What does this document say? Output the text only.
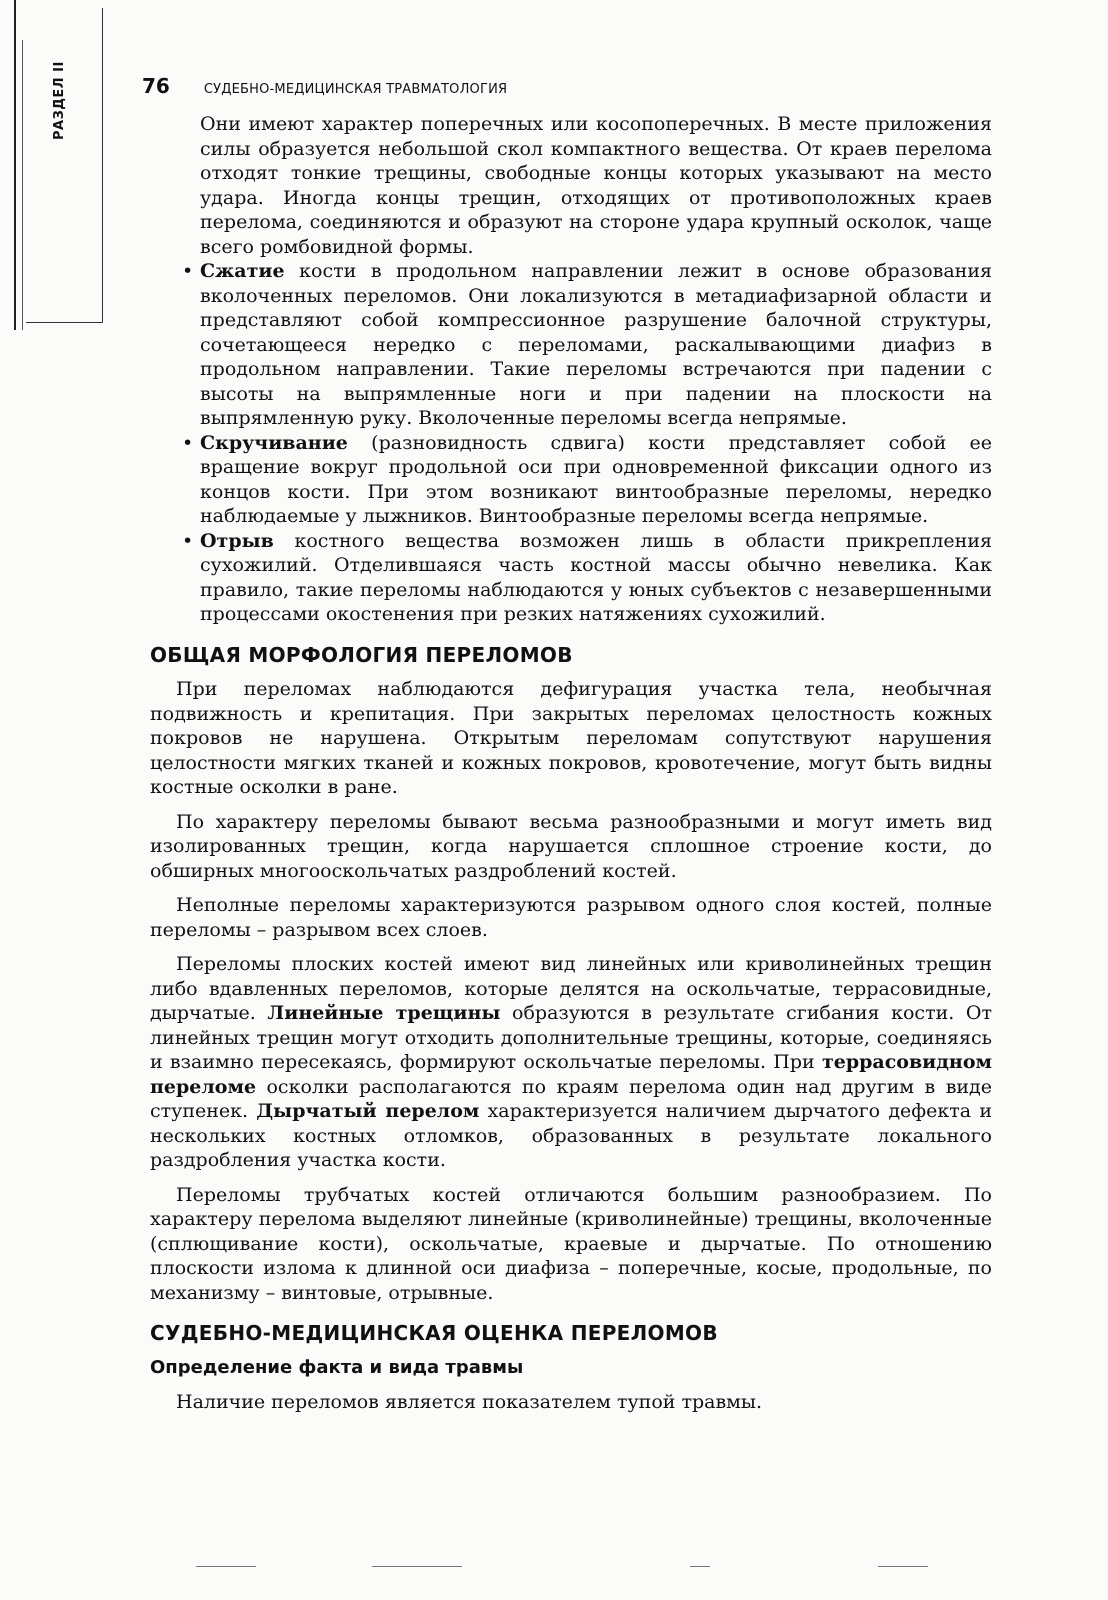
РАЗДЕЛ II	76	СУДЕБНО-МЕДИЦИНСКАЯ ТРАВМАТОЛОГИЯ

Они имеют характер поперечных или косопоперечных. В месте приложения силы образуется небольшой скол компактного вещества. От краев перелома отходят тонкие трещины, свободные концы которых указывают на место удара. Иногда концы трещин, отходящих от противоположных краев перелома, соединяются и образуют на стороне удара крупный осколок, чаще всего ромбовидной формы.

• Сжатие кости в продольном направлении лежит в основе образования вколоченных переломов. Они локализуются в метадиафизарной области и представляют собой компрессионное разрушение балочной структуры, сочетающееся нередко с переломами, раскалывающими диафиз в продольном направлении. Такие переломы встречаются при падении с высоты на выпрямленные ноги и при падении на плоскости на выпрямленную руку. Вколоченные переломы всегда непрямые.

• Скручивание (разновидность сдвига) кости представляет собой ее вращение вокруг продольной оси при одновременной фиксации одного из концов кости. При этом возникают винтообразные переломы, нередко наблюдаемые у лыжников. Винтообразные переломы всегда непрямые.

• Отрыв костного вещества возможен лишь в области прикрепления сухожилий. Отделившаяся часть костной массы обычно невелика. Как правило, такие переломы наблюдаются у юных субъектов с незавершенными процессами окостенения при резких натяжениях сухожилий.

ОБЩАЯ МОРФОЛОГИЯ ПЕРЕЛОМОВ

При переломах наблюдаются дефигурация участка тела, необычная подвижность и крепитация. При закрытых переломах целостность кожных покровов не нарушена. Открытым переломам сопутствуют нарушения целостности мягких тканей и кожных покровов, кровотечение, могут быть видны костные осколки в ране.

По характеру переломы бывают весьма разнообразными и могут иметь вид изолированных трещин, когда нарушается сплошное строение кости, до обширных многооскольчатых раздроблений костей.

Неполные переломы характеризуются разрывом одного слоя костей, полные переломы – разрывом всех слоев.

Переломы плоских костей имеют вид линейных или криволинейных трещин либо вдавленных переломов, которые делятся на оскольчатые, террасовидные, дырчатые. Линейные трещины образуются в результате сгибания кости. От линейных трещин могут отходить дополнительные трещины, которые, соединяясь и взаимно пересекаясь, формируют оскольчатые переломы. При террасовидном переломе осколки располагаются по краям перелома один над другим в виде ступенек. Дырчатый перелом характеризуется наличием дырчатого дефекта и нескольких костных отломков, образованных в результате локального раздробления участка кости.

Переломы трубчатых костей отличаются большим разнообразием. По характеру перелома выделяют линейные (криволинейные) трещины, вколоченные (сплющивание кости), оскольчатые, краевые и дырчатые. По отношению плоскости излома к длинной оси диафиза – поперечные, косые, продольные, по механизму – винтовые, отрывные.

СУДЕБНО-МЕДИЦИНСКАЯ ОЦЕНКА ПЕРЕЛОМОВ
Определение факта и вида травмы

Наличие переломов является показателем тупой травмы.
